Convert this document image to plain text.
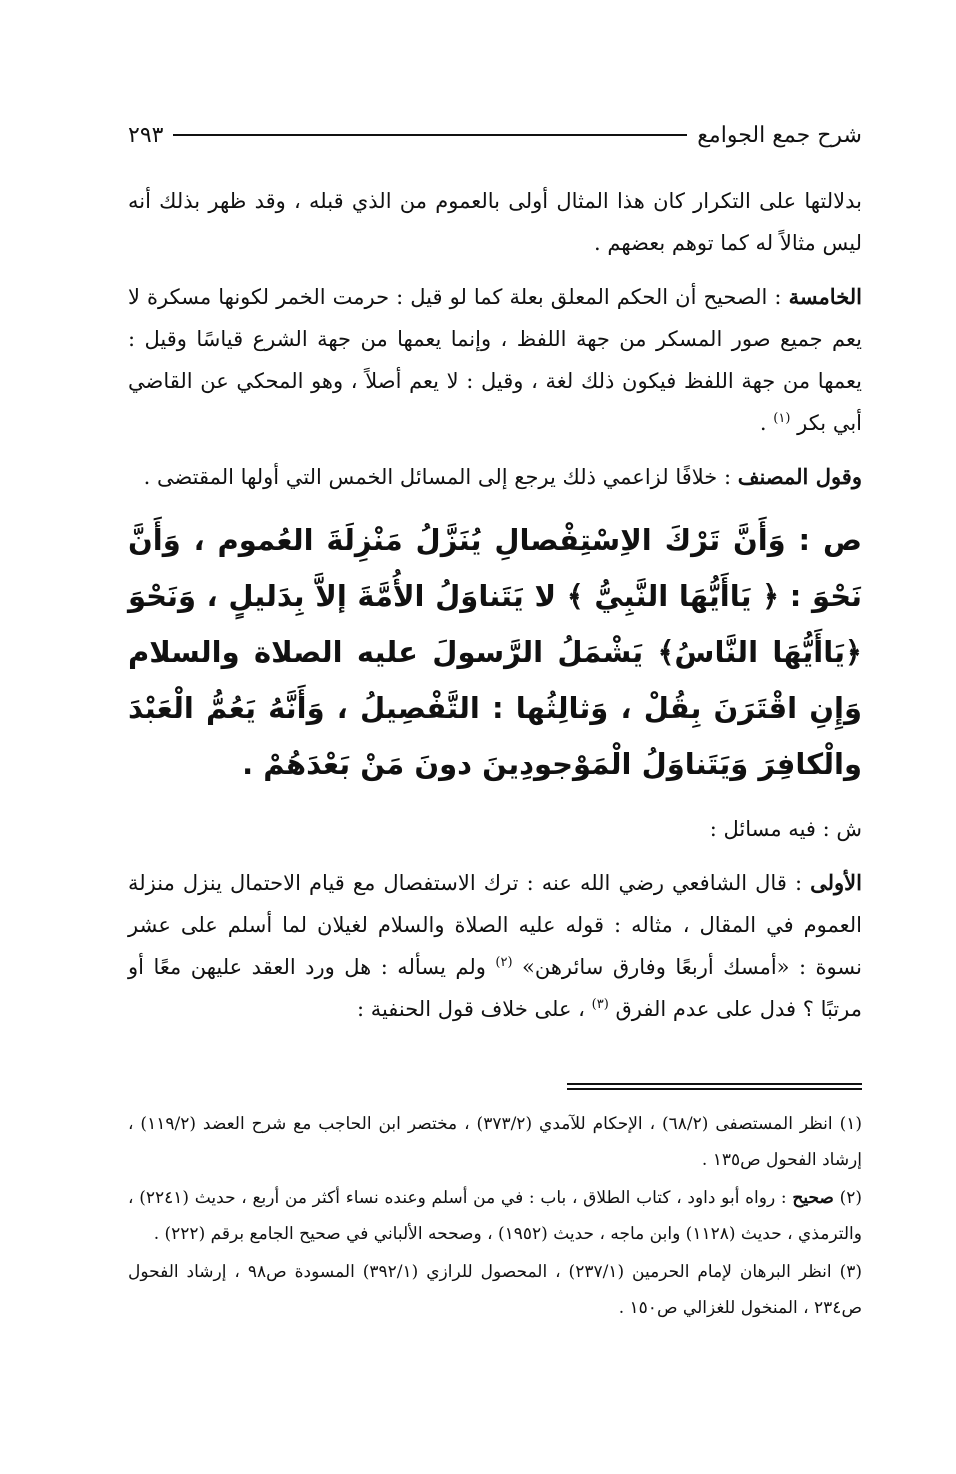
شرح جمع الجوامع
٢٩٣

بدلالتها على التكرار كان هذا المثال أولى بالعموم من الذي قبله ، وقد ظهر بذلك أنه ليس مثالاً له كما توهم بعضهم .

الخامسة : الصحيح أن الحكم المعلق بعلة كما لو قيل : حرمت الخمر لكونها مسكرة لا يعم جميع صور المسكر من جهة اللفظ ، وإنما يعمها من جهة الشرع قياسًا وقيل : يعمها من جهة اللفظ فيكون ذلك لغة ، وقيل : لا يعم أصلاً ، وهو المحكي عن القاضي أبي بكر $^{(١)}$ .

وقول المصنف : خلافًا لزاعمي ذلك يرجع إلى المسائل الخمس التي أولها المقتضى .

ص : وَأَنَّ تَرْكَ الاِسْتِفْصالِ يُنَزَّلُ مَنْزِلَةَ العُموم ، وَأَنَّ نَحْوَ : ﴿ يَاأَيُّهَا النَّبِيُّ ﴾ لا يَتَناوَلُ الأُمَّةَ إلاَّ بِدَليلٍ ، وَنَحْوَ ﴿يَاأَيُّهَا النَّاسُ﴾ يَشْمَلُ الرَّسولَ عليه الصلاة والسلام وَإِنِ اقْتَرَنَ بِقُلْ ، وَثالِثُها : التَّفْصِيلُ ، وَأَنَّهُ يَعُمُّ الْعَبْدَ والْكافِرَ وَيَتَناوَلُ الْمَوْجودِينَ دونَ مَنْ بَعْدَهُمْ .

ش : فيه مسائل :

الأولى : قال الشافعي رضي الله عنه : ترك الاستفصال مع قيام الاحتمال ينزل منزلة العموم في المقال ، مثاله : قوله عليه الصلاة والسلام لغيلان لما أسلم على عشر نسوة : «أمسك أربعًا وفارق سائرهن» $^{(٢)}$ ولم يسأله : هل ورد العقد عليهن معًا أو مرتبًا ؟ فدل على عدم الفرق $^{(٣)}$ ، على خلاف قول الحنفية :

(١) انظر المستصفى (٦٨/٢) ، الإحكام للآمدي (٣٧٣/٢) ، مختصر ابن الحاجب مع شرح العضد (١١٩/٢) ، إرشاد الفحول ص١٣٥ .

(٢) صحيح : رواه أبو داود ، كتاب الطلاق ، باب : في من أسلم وعنده نساء أكثر من أربع ، حديث (٢٢٤١) ، والترمذي ، حديث (١١٢٨) وابن ماجه ، حديث (١٩٥٢) ، وصححه الألباني في صحيح الجامع برقم (٢٢٢) .

(٣) انظر البرهان لإمام الحرمين (٢٣٧/١) ، المحصول للرازي (٣٩٢/١) المسودة ص٩٨ ، إرشاد الفحول ص٢٣٤ ، المنخول للغزالي ص١٥٠ .
